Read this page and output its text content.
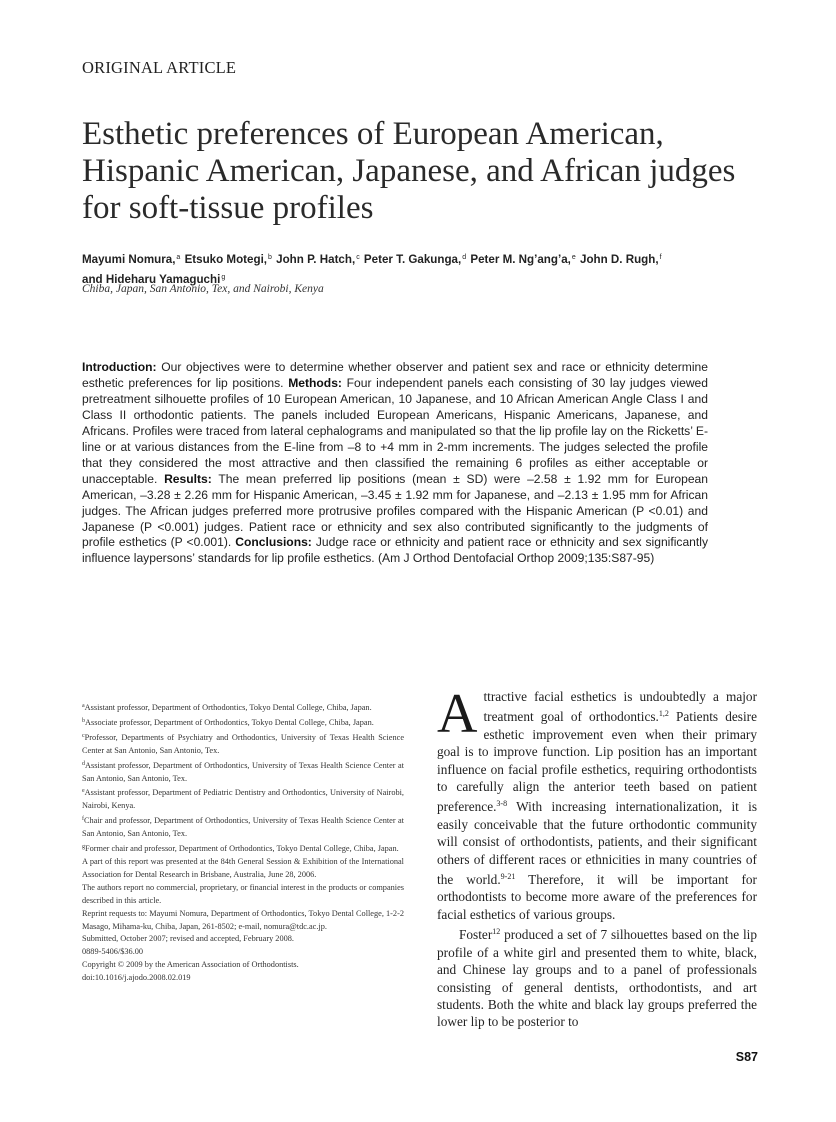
ORIGINAL ARTICLE
Esthetic preferences of European American, Hispanic American, Japanese, and African judges for soft-tissue profiles
Mayumi Nomura,$^a$ Etsuko Motegi,$^b$ John P. Hatch,$^c$ Peter T. Gakunga,$^d$ Peter M. Ng’ang’a,$^e$ John D. Rugh,$^f$
and Hideharu Yamaguchi$^g$
Chiba, Japan, San Antonio, Tex, and Nairobi, Kenya
Introduction: Our objectives were to determine whether observer and patient sex and race or ethnicity determine esthetic preferences for lip positions. Methods: Four independent panels each consisting of 30 lay judges viewed pretreatment silhouette profiles of 10 European American, 10 Japanese, and 10 African American Angle Class I and Class II orthodontic patients. The panels included European Americans, Hispanic Americans, Japanese, and Africans. Profiles were traced from lateral cephalograms and manipulated so that the lip profile lay on the Ricketts’ E-line or at various distances from the E-line from –8 to +4 mm in 2-mm increments. The judges selected the profile that they considered the most attractive and then classified the remaining 6 profiles as either acceptable or unacceptable. Results: The mean preferred lip positions (mean ± SD) were –2.58 ± 1.92 mm for European American, –3.28 ± 2.26 mm for Hispanic American, –3.45 ± 1.92 mm for Japanese, and –2.13 ± 1.95 mm for African judges. The African judges preferred more protrusive profiles compared with the Hispanic American (P <0.01) and Japanese (P <0.001) judges. Patient race or ethnicity and sex also contributed significantly to the judgments of profile esthetics (P <0.001). Conclusions: Judge race or ethnicity and patient race or ethnicity and sex significantly influence laypersons’ standards for lip profile esthetics. (Am J Orthod Dentofacial Orthop 2009;135:S87-95)

$^a$Assistant professor, Department of Orthodontics, Tokyo Dental College, Chiba, Japan.

$^b$Associate professor, Department of Orthodontics, Tokyo Dental College, Chiba, Japan.

$^c$Professor, Departments of Psychiatry and Orthodontics, University of Texas Health Science Center at San Antonio, San Antonio, Tex.

$^d$Assistant professor, Department of Orthodontics, University of Texas Health Science Center at San Antonio, San Antonio, Tex.

$^e$Assistant professor, Department of Pediatric Dentistry and Orthodontics, University of Nairobi, Nairobi, Kenya.

$^f$Chair and professor, Department of Orthodontics, University of Texas Health Science Center at San Antonio, San Antonio, Tex.

$^g$Former chair and professor, Department of Orthodontics, Tokyo Dental College, Chiba, Japan.

A part of this report was presented at the 84th General Session & Exhibition of the International Association for Dental Research in Brisbane, Australia, June 28, 2006.

The authors report no commercial, proprietary, or financial interest in the products or companies described in this article.

Reprint requests to: Mayumi Nomura, Department of Orthodontics, Tokyo Dental College, 1-2-2 Masago, Mihama-ku, Chiba, Japan, 261-8502; e-mail, nomura@tdc.ac.jp.

Submitted, October 2007; revised and accepted, February 2008.

0889-5406/$36.00

Copyright © 2009 by the American Association of Orthodontists.

doi:10.1016/j.ajodo.2008.02.019

Attractive facial esthetics is undoubtedly a major treatment goal of orthodontics.$^{1,2}$ Patients desire esthetic improvement even when their primary goal is to improve function. Lip position has an important influence on facial profile esthetics, requiring orthodontists to carefully align the anterior teeth based on patient preference.$^{3-8}$ With increasing internationalization, it is easily conceivable that the future orthodontic community will consist of orthodontists, patients, and their significant others of different races or ethnicities in many countries of the world.$^{9-21}$ Therefore, it will be important for orthodontists to become more aware of the preferences for facial esthetics of various groups.

Foster$^{12}$ produced a set of 7 silhouettes based on the lip profile of a white girl and presented them to white, black, and Chinese lay groups and to a panel of professionals consisting of general dentists, orthodontists, and art students. Both the white and black lay groups preferred the lower lip to be posterior to

S87
